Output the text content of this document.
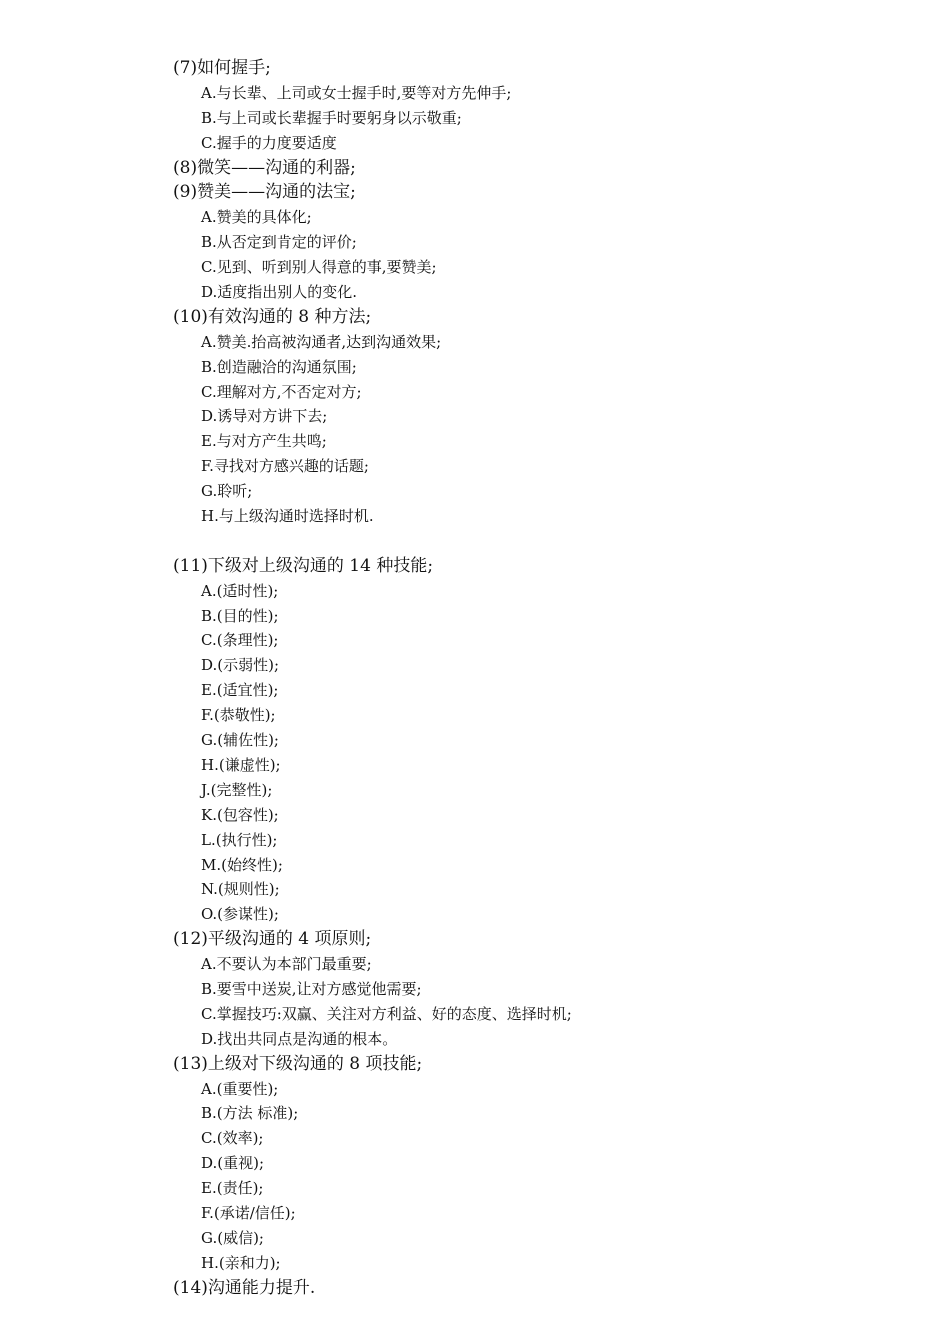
(7)如何握手;
A.与长辈、上司或女士握手时,要等对方先伸手;
B.与上司或长辈握手时要躬身以示敬重;
C.握手的力度要适度
(8)微笑——沟通的利器;
(9)赞美——沟通的法宝;
A.赞美的具体化;
B.从否定到肯定的评价;
C.见到、听到别人得意的事,要赞美;
D.适度指出别人的变化.
(10)有效沟通的 8 种方法;
A.赞美.抬高被沟通者,达到沟通效果;
B.创造融洽的沟通氛围;
C.理解对方,不否定对方;
D.诱导对方讲下去;
E.与对方产生共鸣;
F.寻找对方感兴趣的话题;
G.聆听;
H.与上级沟通时选择时机.
(11)下级对上级沟通的 14 种技能;
A.(适时性);
B.(目的性);
C.(条理性);
D.(示弱性);
E.(适宜性);
F.(恭敬性);
G.(辅佐性);
H.(谦虚性);
J.(完整性);
K.(包容性);
L.(执行性);
M.(始终性);
N.(规则性);
O.(参谋性);
(12)平级沟通的 4 项原则;
A.不要认为本部门最重要;
B.要雪中送炭,让对方感觉他需要;
C.掌握技巧:双赢、关注对方利益、好的态度、选择时机;
D.找出共同点是沟通的根本。
(13)上级对下级沟通的 8 项技能;
A.(重要性);
B.(方法 标准);
C.(效率);
D.(重视);
E.(责任);
F.(承诺/信任);
G.(威信);
H.(亲和力);
(14)沟通能力提升.
